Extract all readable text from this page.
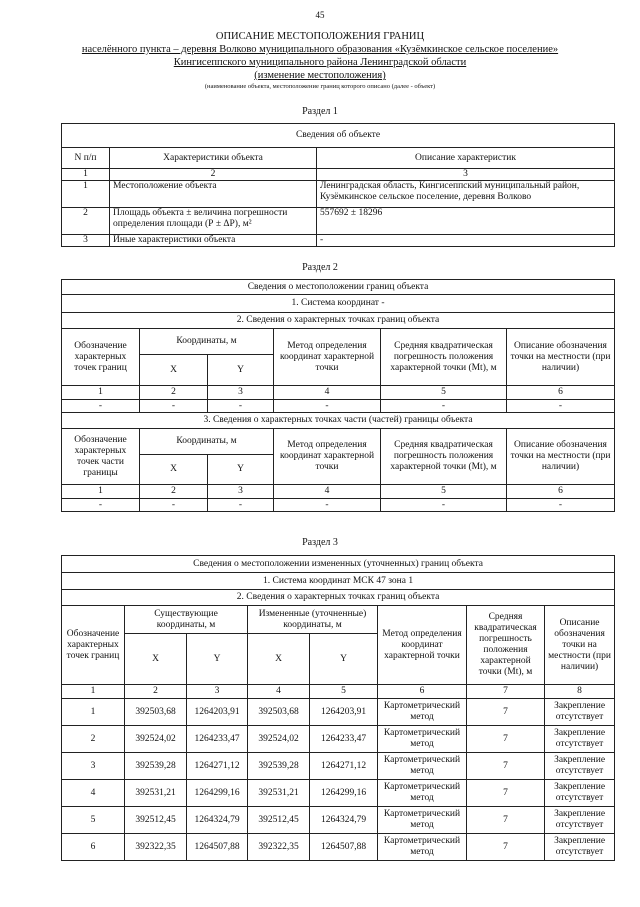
45
ОПИСАНИЕ МЕСТОПОЛОЖЕНИЯ ГРАНИЦ
населённого пункта – деревня Волково муниципального образования «Кузёмкинское сельское поселение»
Кингисеппского муниципального района Ленинградской области
(изменение местоположения)
(наименование объекта, местоположение границ которого описано (далее - объект)
Раздел 1
Сведения об объекте		
N п/п	Характеристики объекта	Описание характеристик
1	2	3
1	Местоположение объекта	Ленинградская область, Кингисеппский муниципальный район, Кузёмкинское сельское поселение, деревня Волково
2	Площадь объекта ± величина погрешности определения площади (Р ± ΔР), м²	557692 ± 18296
3	Иные характеристики объекта	-
Раздел 2
Сведения о местоположении границ объекта					
1. Система координат -					
2. Сведения о характерных точках границ объекта					
Обозначение характерных точек границ	Координаты, м		Метод определения координат характерной точки	Средняя квадратическая погрешность положения характерной точки (Mt), м	Описание обозначения точки на местности (при наличии)
	X	Y			
1	2	3	4	5	6
-	-	-	-	-	-
3. Сведения о характерных точках части (частей) границы объекта					
Обозначение характерных точек части границы	Координаты, м		Метод определения координат характерной точки	Средняя квадратическая погрешность положения характерной точки (Mt), м	Описание обозначения точки на местности (при наличии)
	X	Y			
1	2	3	4	5	6
-	-	-	-	-	-
Раздел 3
Сведения о местоположении измененных (уточненных) границ объекта							
1. Система координат МСК 47 зона 1							
2. Сведения о характерных точках границ объекта							
Обозначение характерных точек границ	Существующие координаты, м		Измененные (уточненные) координаты, м		Метод определения координат характерной точки	Средняя квадратическая погрешность положения характерной точки (Mt), м	Описание обозначения точки на местности (при наличии)
	X	Y	X	Y			
1	2	3	4	5	6	7	8
1	392503,68	1264203,91	392503,68	1264203,91	Картометрический метод	7	Закрепление отсутствует
2	392524,02	1264233,47	392524,02	1264233,47	Картометрический метод	7	Закрепление отсутствует
3	392539,28	1264271,12	392539,28	1264271,12	Картометрический метод	7	Закрепление отсутствует
4	392531,21	1264299,16	392531,21	1264299,16	Картометрический метод	7	Закрепление отсутствует
5	392512,45	1264324,79	392512,45	1264324,79	Картометрический метод	7	Закрепление отсутствует
6	392322,35	1264507,88	392322,35	1264507,88	Картометрический метод	7	Закрепление отсутствует
